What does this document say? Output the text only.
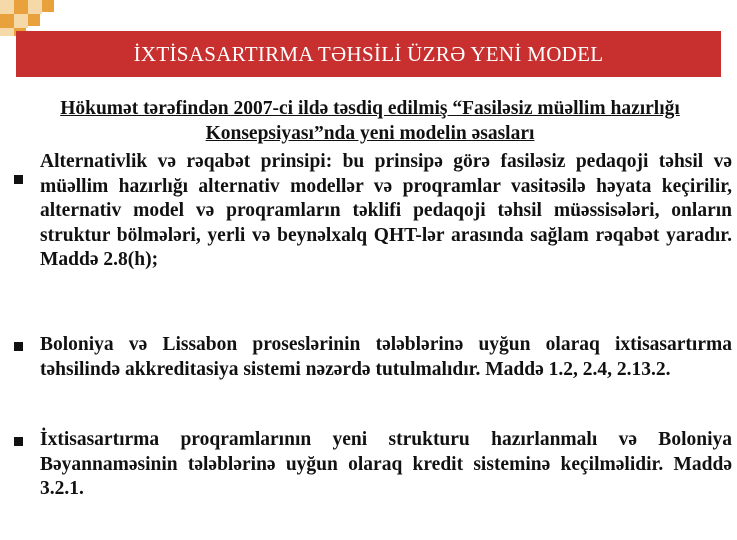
İXTİSASARTIRMA TƏHSİLİ ÜZRƏ YENİ MODEL
Hökumət tərəfindən 2007-ci ildə təsdiq edilmiş “Fasiləsiz müəllim hazırlığı Konsepsiyası”nda yeni modelin əsasları
Alternativlik və rəqabət prinsipi: bu prinsipə görə fasiləsiz pedaqoji təhsil və müəllim hazırlığı alternativ modellər və proqramlar vasitəsilə həyata keçirilir, alternativ model və proqramların təklifi pedaqoji təhsil müəssisələri, onların struktur bölmələri, yerli və beynəlxalq QHT-lər arasında sağlam rəqabət yaradır. Maddə 2.8(h);
Boloniya və Lissabon proseslərinin tələblərinə uyğun olaraq ixtisasartırma təhsilində akkreditasiya sistemi nəzərdə tutulmalıdır. Maddə 1.2, 2.4, 2.13.2.
İxtisasartırma proqramlarının yeni strukturu hazırlanmalı və Boloniya Bəyannaməsinin tələblərinə uyğun olaraq kredit sisteminə keçilməlidir. Maddə 3.2.1.
